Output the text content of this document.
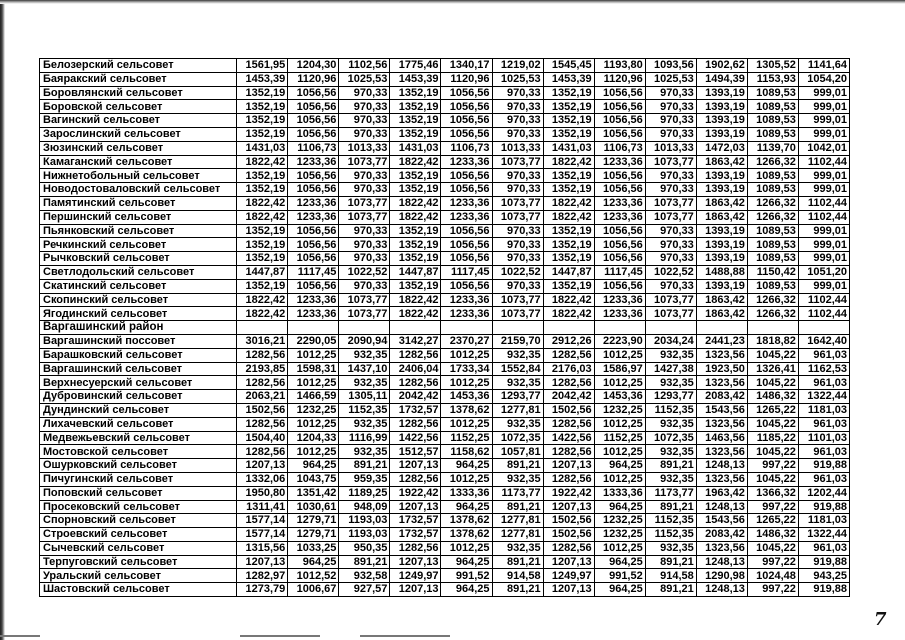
Белозерский сельсовет	1561,95	1204,30	1102,56	1775,46	1340,17	1219,02	1545,45	1193,80	1093,56	1902,62	1305,52	1141,64
Баяракский сельсовет	1453,39	1120,96	1025,53	1453,39	1120,96	1025,53	1453,39	1120,96	1025,53	1494,39	1153,93	1054,20
Боровлянский сельсовет	1352,19	1056,56	970,33	1352,19	1056,56	970,33	1352,19	1056,56	970,33	1393,19	1089,53	999,01
Боровской сельсовет	1352,19	1056,56	970,33	1352,19	1056,56	970,33	1352,19	1056,56	970,33	1393,19	1089,53	999,01
Вагинский сельсовет	1352,19	1056,56	970,33	1352,19	1056,56	970,33	1352,19	1056,56	970,33	1393,19	1089,53	999,01
Зарослинский сельсовет	1352,19	1056,56	970,33	1352,19	1056,56	970,33	1352,19	1056,56	970,33	1393,19	1089,53	999,01
Зюзинский сельсовет	1431,03	1106,73	1013,33	1431,03	1106,73	1013,33	1431,03	1106,73	1013,33	1472,03	1139,70	1042,01
Камаганский сельсовет	1822,42	1233,36	1073,77	1822,42	1233,36	1073,77	1822,42	1233,36	1073,77	1863,42	1266,32	1102,44
Нижнетобольный сельсовет	1352,19	1056,56	970,33	1352,19	1056,56	970,33	1352,19	1056,56	970,33	1393,19	1089,53	999,01
Новодостоваловский сельсовет	1352,19	1056,56	970,33	1352,19	1056,56	970,33	1352,19	1056,56	970,33	1393,19	1089,53	999,01
Памятинский сельсовет	1822,42	1233,36	1073,77	1822,42	1233,36	1073,77	1822,42	1233,36	1073,77	1863,42	1266,32	1102,44
Першинский сельсовет	1822,42	1233,36	1073,77	1822,42	1233,36	1073,77	1822,42	1233,36	1073,77	1863,42	1266,32	1102,44
Пьянковский сельсовет	1352,19	1056,56	970,33	1352,19	1056,56	970,33	1352,19	1056,56	970,33	1393,19	1089,53	999,01
Речкинский сельсовет	1352,19	1056,56	970,33	1352,19	1056,56	970,33	1352,19	1056,56	970,33	1393,19	1089,53	999,01
Рычковский сельсовет	1352,19	1056,56	970,33	1352,19	1056,56	970,33	1352,19	1056,56	970,33	1393,19	1089,53	999,01
Светлодольский сельсовет	1447,87	1117,45	1022,52	1447,87	1117,45	1022,52	1447,87	1117,45	1022,52	1488,88	1150,42	1051,20
Скатинский сельсовет	1352,19	1056,56	970,33	1352,19	1056,56	970,33	1352,19	1056,56	970,33	1393,19	1089,53	999,01
Скопинский сельсовет	1822,42	1233,36	1073,77	1822,42	1233,36	1073,77	1822,42	1233,36	1073,77	1863,42	1266,32	1102,44
Ягодинский сельсовет	1822,42	1233,36	1073,77	1822,42	1233,36	1073,77	1822,42	1233,36	1073,77	1863,42	1266,32	1102,44
Варгашинский район												
Варгашинский поссовет	3016,21	2290,05	2090,94	3142,27	2370,27	2159,70	2912,26	2223,90	2034,24	2441,23	1818,82	1642,40
Барашковский сельсовет	1282,56	1012,25	932,35	1282,56	1012,25	932,35	1282,56	1012,25	932,35	1323,56	1045,22	961,03
Варгашинский сельсовет	2193,85	1598,31	1437,10	2406,04	1733,34	1552,84	2176,03	1586,97	1427,38	1923,50	1326,41	1162,53
Верхнесуерский сельсовет	1282,56	1012,25	932,35	1282,56	1012,25	932,35	1282,56	1012,25	932,35	1323,56	1045,22	961,03
Дубровинский сельсовет	2063,21	1466,59	1305,11	2042,42	1453,36	1293,77	2042,42	1453,36	1293,77	2083,42	1486,32	1322,44
Дундинский сельсовет	1502,56	1232,25	1152,35	1732,57	1378,62	1277,81	1502,56	1232,25	1152,35	1543,56	1265,22	1181,03
Лихачевский сельсовет	1282,56	1012,25	932,35	1282,56	1012,25	932,35	1282,56	1012,25	932,35	1323,56	1045,22	961,03
Медвежьевский сельсовет	1504,40	1204,33	1116,99	1422,56	1152,25	1072,35	1422,56	1152,25	1072,35	1463,56	1185,22	1101,03
Мостовской сельсовет	1282,56	1012,25	932,35	1512,57	1158,62	1057,81	1282,56	1012,25	932,35	1323,56	1045,22	961,03
Ошурковский сельсовет	1207,13	964,25	891,21	1207,13	964,25	891,21	1207,13	964,25	891,21	1248,13	997,22	919,88
Пичугинский сельсовет	1332,06	1043,75	959,35	1282,56	1012,25	932,35	1282,56	1012,25	932,35	1323,56	1045,22	961,03
Поповский сельсовет	1950,80	1351,42	1189,25	1922,42	1333,36	1173,77	1922,42	1333,36	1173,77	1963,42	1366,32	1202,44
Просековский сельсовет	1311,41	1030,61	948,09	1207,13	964,25	891,21	1207,13	964,25	891,21	1248,13	997,22	919,88
Спорновский сельсовет	1577,14	1279,71	1193,03	1732,57	1378,62	1277,81	1502,56	1232,25	1152,35	1543,56	1265,22	1181,03
Строевский сельсовет	1577,14	1279,71	1193,03	1732,57	1378,62	1277,81	1502,56	1232,25	1152,35	2083,42	1486,32	1322,44
Сычевский сельсовет	1315,56	1033,25	950,35	1282,56	1012,25	932,35	1282,56	1012,25	932,35	1323,56	1045,22	961,03
Терпуговский сельсовет	1207,13	964,25	891,21	1207,13	964,25	891,21	1207,13	964,25	891,21	1248,13	997,22	919,88
Уральский сельсовет	1282,97	1012,52	932,58	1249,97	991,52	914,58	1249,97	991,52	914,58	1290,98	1024,48	943,25
Шастовский сельсовет	1273,79	1006,67	927,57	1207,13	964,25	891,21	1207,13	964,25	891,21	1248,13	997,22	919,88
7
